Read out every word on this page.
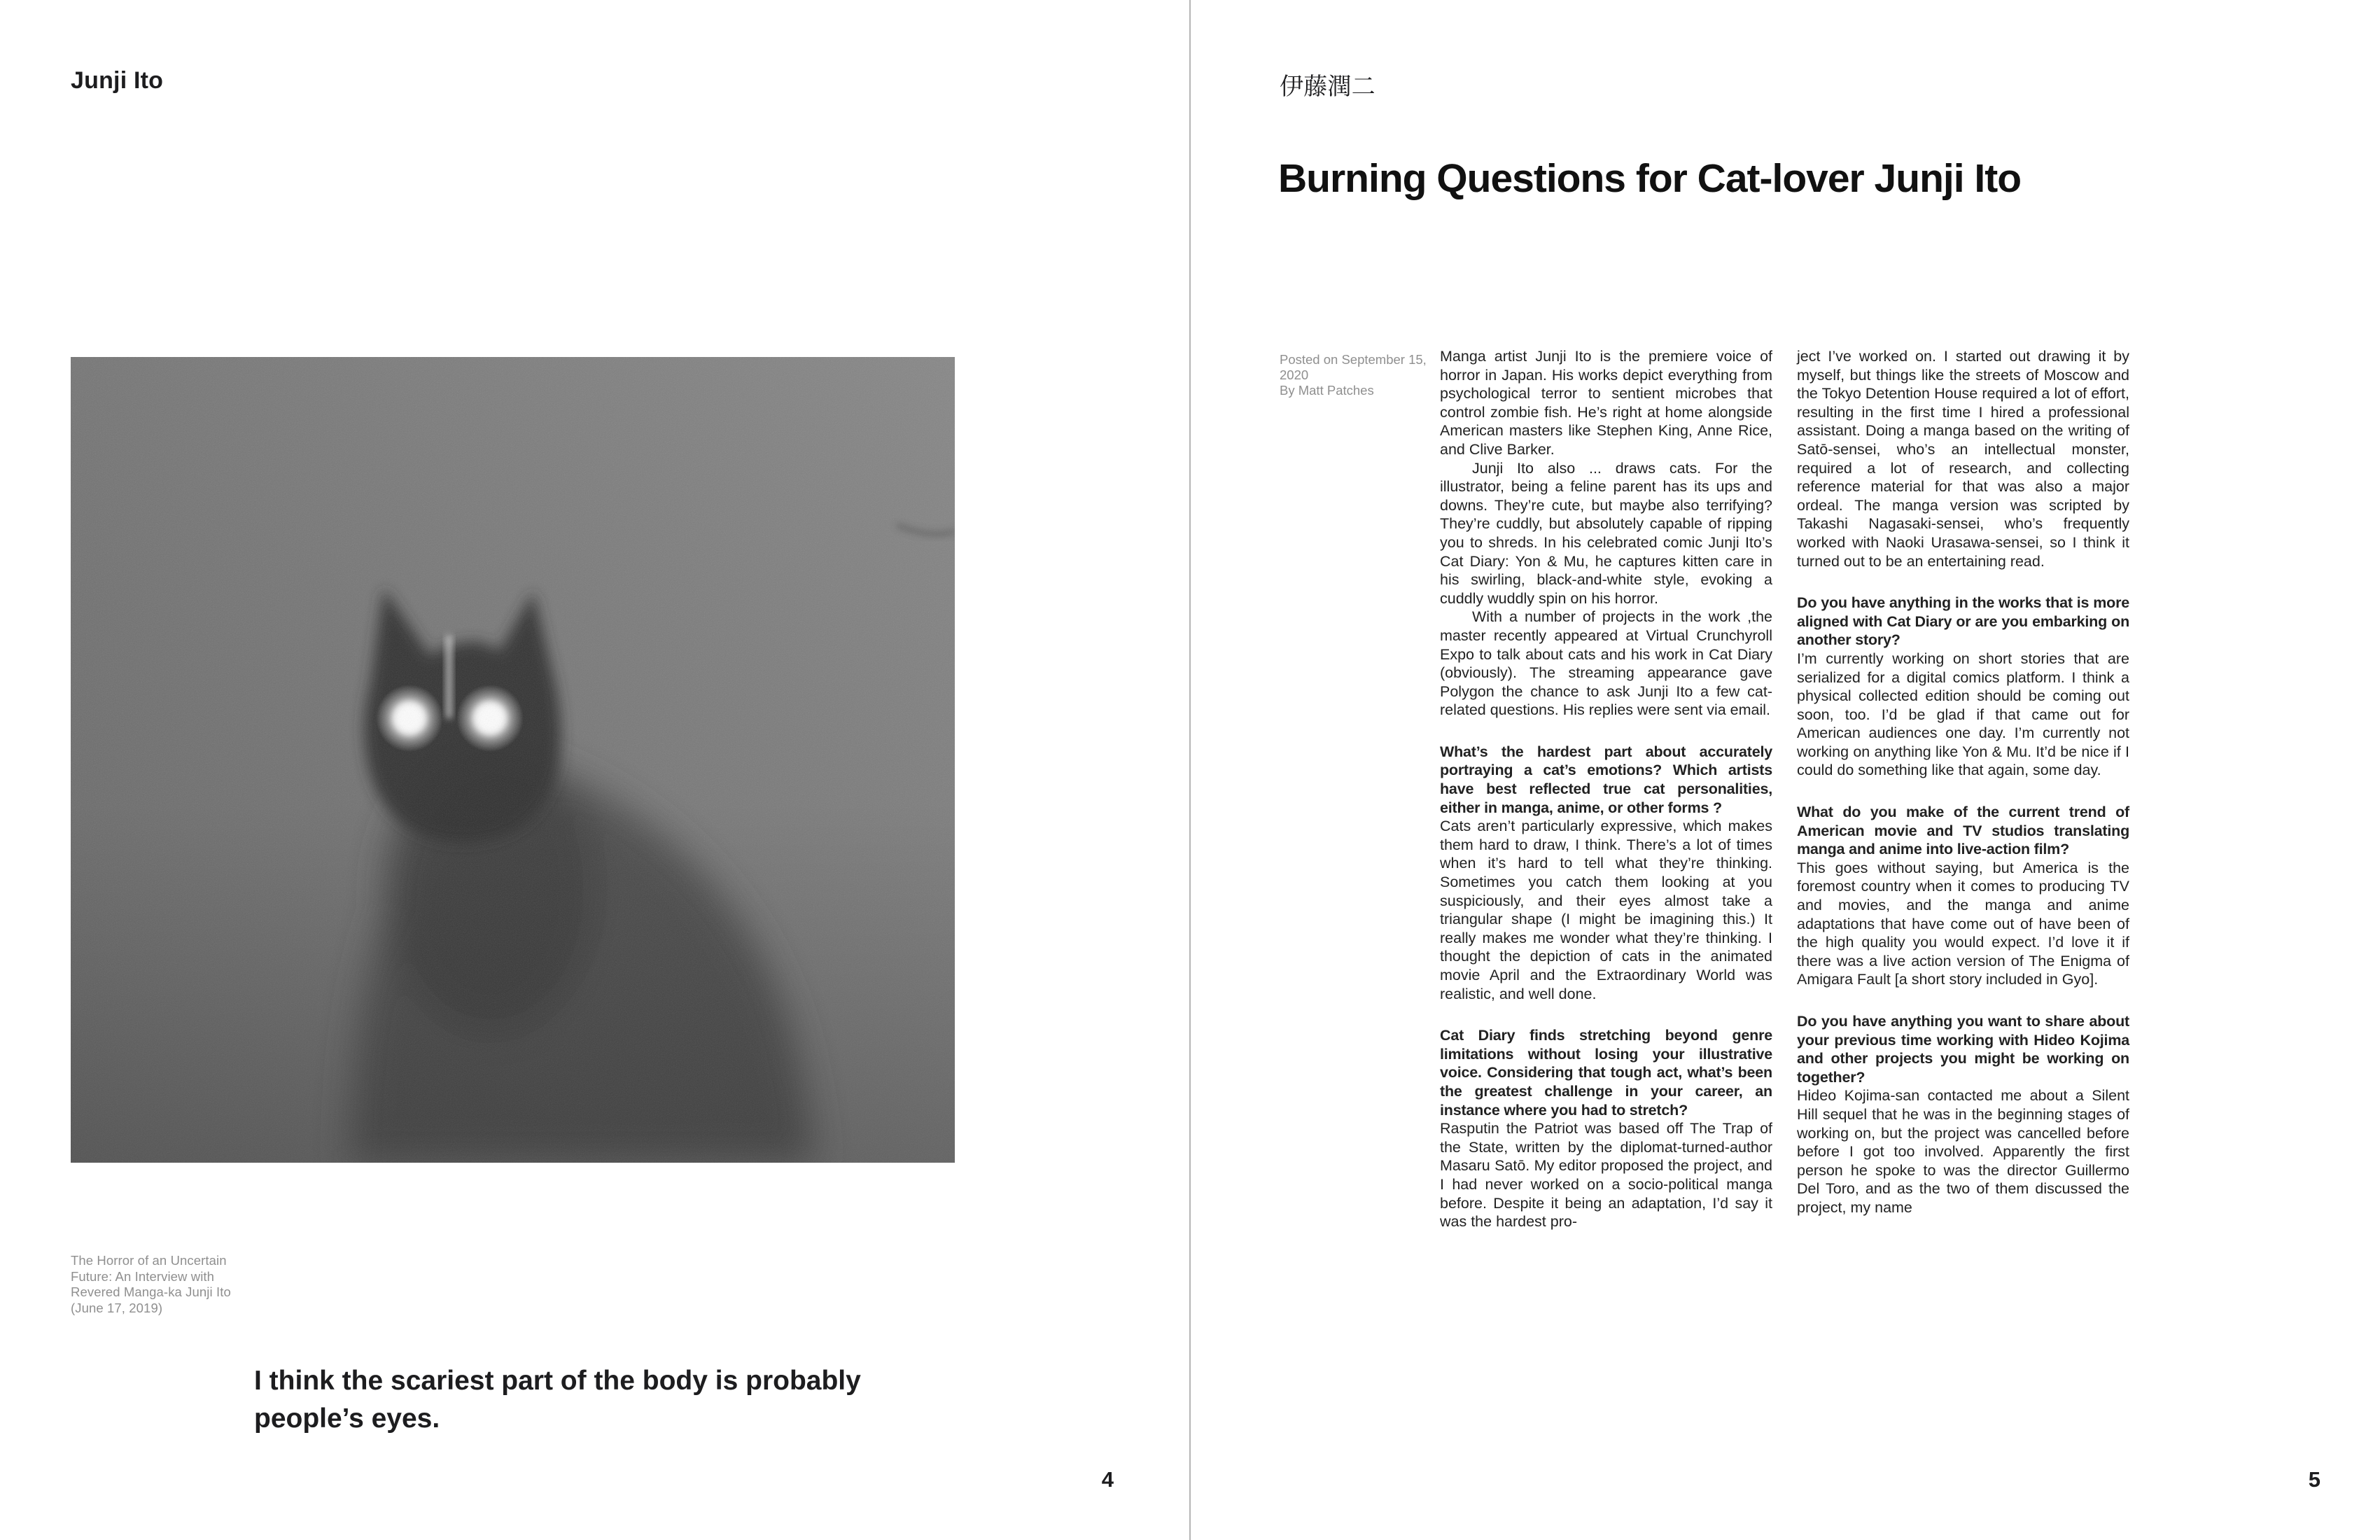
Junji Ito
The Horror of an Uncertain
Future: An Interview with
Revered Manga-ka Junji Ito
(June 17, 2019)
I think the scariest part of the body is probably people’s eyes.
4
伊藤潤二
Burning Questions for Cat-lover Junji Ito
Posted on September 15,
2020
By Matt Patches

Manga artist Junji Ito is the premiere voice of horror in Japan. His works depict everything from psychological terror to sentient microbes that control zombie fish. He’s right at home alongside American masters like Stephen King, Anne Rice, and Clive Barker.

Junji Ito also ... draws cats. For the illustrator, being a feline parent has its ups and downs. They’re cute, but maybe also terrifying? They’re cuddly, but absolutely capable of ripping you to shreds. In his celebrated comic Junji Ito’s Cat Diary: Yon & Mu, he captures kitten care in his swirling, black-and-white style, evoking a cuddly wuddly spin on his horror.

With a number of projects in the work ,the master recently appeared at Virtual Crunchyroll Expo to talk about cats and his work in Cat Diary (obviously). The streaming appearance gave Polygon the chance to ask Junji Ito a few cat-related questions. His replies were sent via email.

What’s the hardest part about accurately portraying a cat’s emotions? Which artists have best reflected true cat personalities, either in manga, anime, or other forms ?

Cats aren’t particularly expressive, which makes them hard to draw, I think. There’s a lot of times when it’s hard to tell what they’re thinking. Sometimes you catch them looking at you suspiciously, and their eyes almost take a triangular shape (I might be imagining this.) It really makes me wonder what they’re thinking. I thought the depiction of cats in the animated movie April and the Extraordinary World was realistic, and well done.

Cat Diary finds stretching beyond genre limitations without losing your illustrative voice. Considering that tough act, what’s been the greatest challenge in your career, an instance where you had to stretch?

Rasputin the Patriot was based off The Trap of the State, written by the diplomat-turned-author Masaru Satō. My editor proposed the project, and I had never worked on a socio-political manga before. Despite it being an adaptation, I’d say it was the hardest pro-

ject I’ve worked on. I started out drawing it by myself, but things like the streets of Moscow and the Tokyo Detention House required a lot of effort, resulting in the first time I hired a professional assistant. Doing a manga based on the writing of Satō-sensei, who’s an intellectual monster, required a lot of research, and collecting reference material for that was also a major ordeal. The manga version was scripted by Takashi Nagasaki-sensei, who’s frequently worked with Naoki Urasawa-sensei, so I think it turned out to be an entertaining read.

Do you have anything in the works that is more aligned with Cat Diary or are you embarking on another story?

I’m currently working on short stories that are serialized for a digital comics platform. I think a physical collected edition should be coming out soon, too. I’d be glad if that came out for American audiences one day. I’m currently not working on anything like Yon & Mu. It’d be nice if I could do something like that again, some day.

What do you make of the current trend of American movie and TV studios translating manga and anime into live-action film?

This goes without saying, but America is the foremost country when it comes to producing TV and movies, and the manga and anime adaptations that have come out of have been of the high quality you would expect. I’d love it if there was a live action version of The Enigma of Amigara Fault [a short story included in Gyo].

Do you have anything you want to share about your previous time working with Hideo Kojima and other projects you might be working on together?

Hideo Kojima-san contacted me about a Silent Hill sequel that he was in the beginning stages of working on, but the project was cancelled before before I got too involved. Apparently the first person he spoke to was the director Guillermo Del Toro, and as the two of them discussed the project, my name

5
